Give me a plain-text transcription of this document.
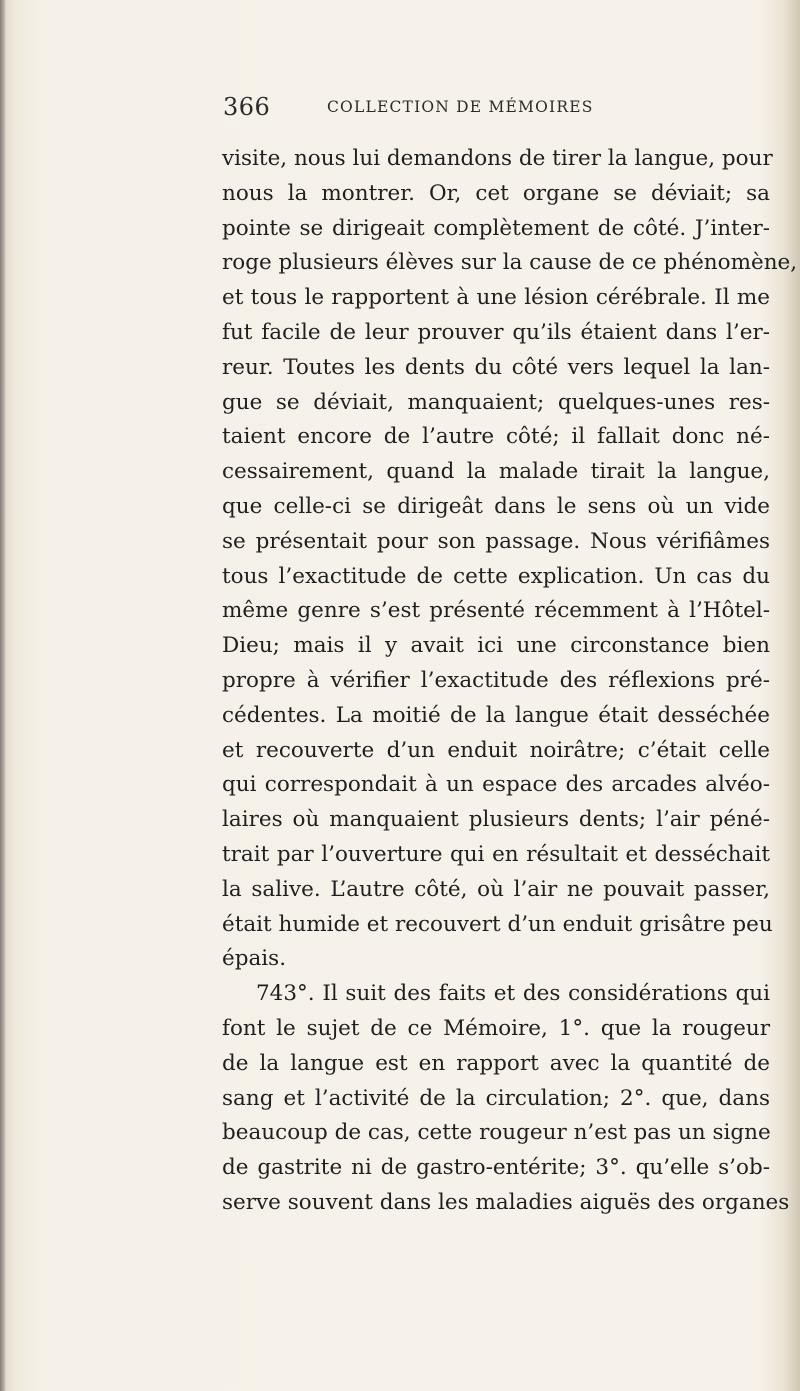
366	COLLECTION DE MÉMOIRES
visite, nous lui demandons de tirer la langue, pour
nous la montrer. Or, cet organe se déviait; sa
pointe se dirigeait complètement de côté. J’inter-
roge plusieurs élèves sur la cause de ce phénomène,
et tous le rapportent à une lésion cérébrale. Il me
fut facile de leur prouver qu’ils étaient dans l’er-
reur. Toutes les dents du côté vers lequel la lan-
gue se déviait, manquaient; quelques-unes res-
taient encore de l’autre côté; il fallait donc né-
cessairement, quand la malade tirait la langue,
que celle-ci se dirigeât dans le sens où un vide
se présentait pour son passage. Nous vérifiâmes
tous l’exactitude de cette explication. Un cas du
même genre s’est présenté récemment à l’Hôtel-
Dieu; mais il y avait ici une circonstance bien
propre à vérifier l’exactitude des réflexions pré-
cédentes. La moitié de la langue était desséchée
et recouverte d’un enduit noirâtre; c’était celle
qui correspondait à un espace des arcades alvéo-
laires où manquaient plusieurs dents; l’air péné-
trait par l’ouverture qui en résultait et desséchait
la salive. L’autre côté, où l’air ne pouvait passer,
était humide et recouvert d’un enduit grisâtre peu
épais.
743°. Il suit des faits et des considérations qui
font le sujet de ce Mémoire, 1°. que la rougeur
de la langue est en rapport avec la quantité de
sang et l’activité de la circulation; 2°. que, dans
beaucoup de cas, cette rougeur n’est pas un signe
de gastrite ni de gastro-entérite; 3°. qu’elle s’ob-
serve souvent dans les maladies aiguës des organes
